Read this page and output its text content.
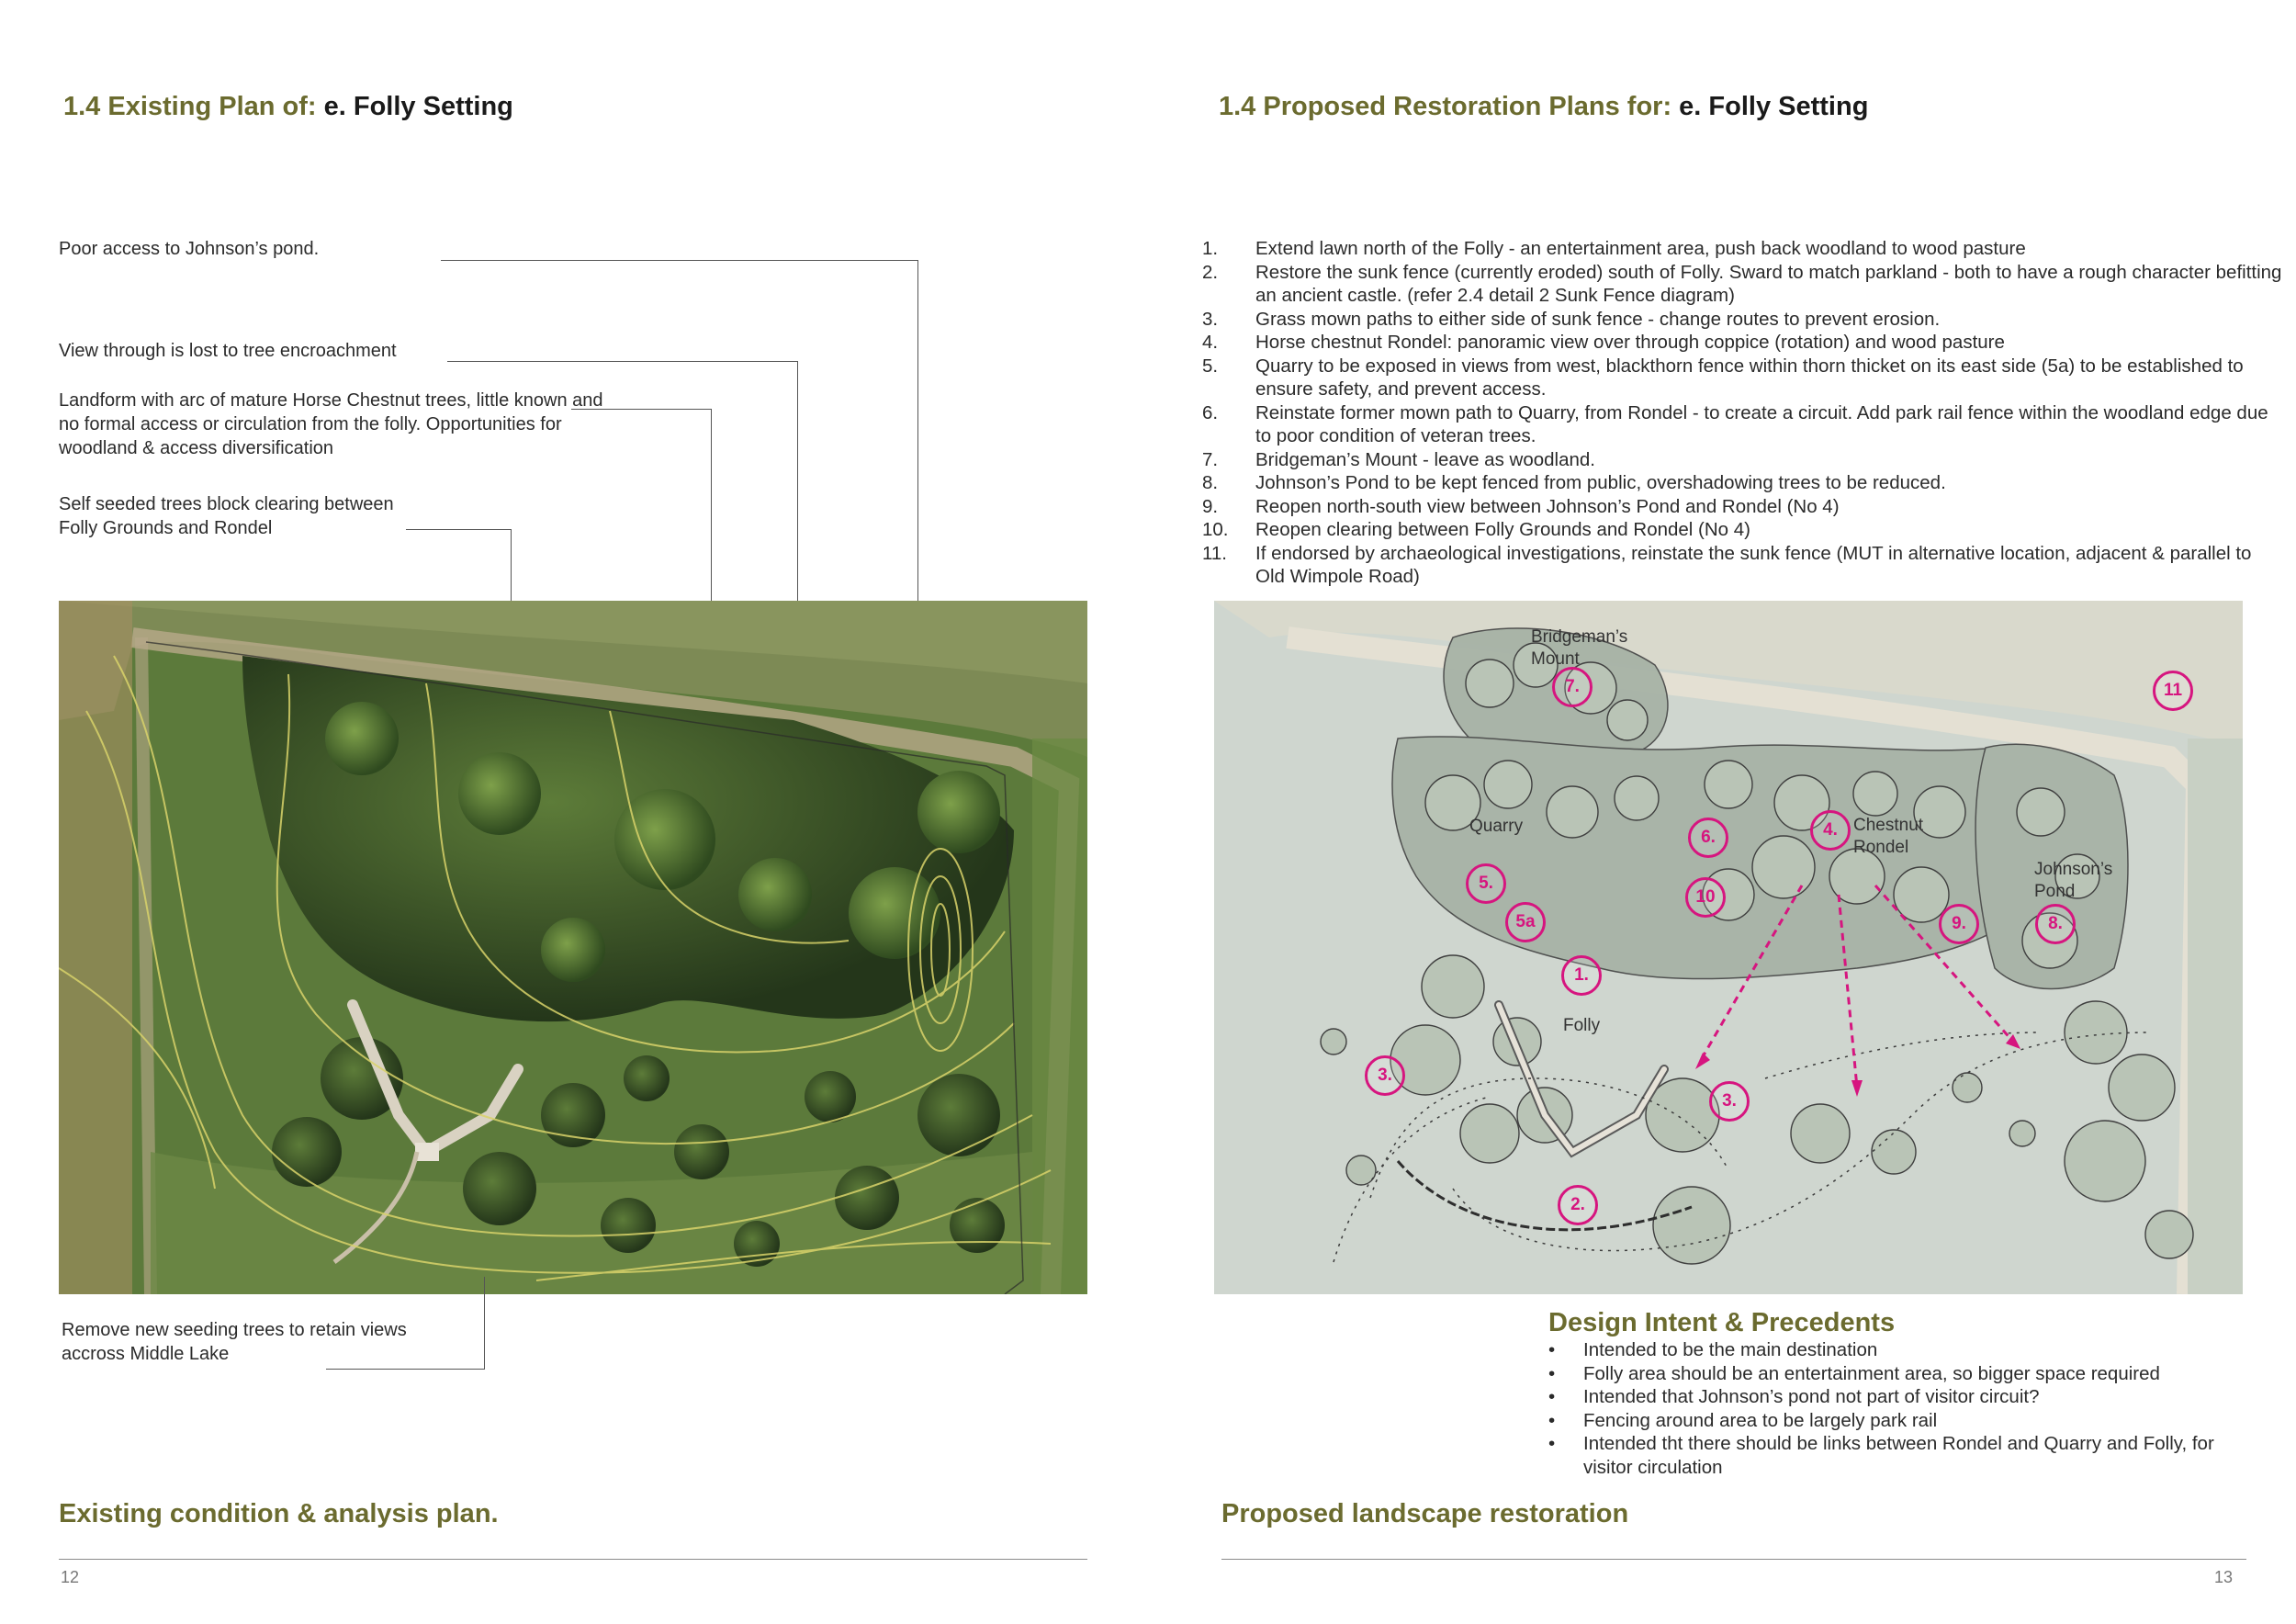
1.4 Existing Plan of: e. Folly Setting
Poor access to Johnson’s pond.
View through is lost to tree encroachment
Landform with arc of mature Horse Chestnut trees, little known and no formal access or circulation from the folly. Opportunities for woodland & access diversification
Self seeded trees block clearing between Folly Grounds and Rondel
Remove new seeding trees to retain views accross Middle Lake
Existing condition & analysis plan.
12
1.4 Proposed Restoration Plans for: e. Folly Setting
1. Extend lawn north of the Folly - an entertainment area, push back woodland to wood pasture
2. Restore the sunk fence (currently eroded) south of Folly. Sward to match parkland - both to have a rough character befitting an ancient castle. (refer 2.4 detail 2 Sunk Fence diagram)
3. Grass mown paths to either side of sunk fence - change routes to prevent erosion.
4. Horse chestnut Rondel: panoramic view over through coppice (rotation) and wood pasture
5. Quarry to be exposed in views from west, blackthorn fence within thorn thicket on its east side (5a) to be established to ensure safety, and prevent access.
6. Reinstate former mown path to Quarry, from Rondel - to create a circuit. Add park rail fence within the woodland edge due to poor condition of veteran trees.
7. Bridgeman’s Mount - leave as woodland.
8. Johnson’s Pond to be kept fenced from public, overshadowing trees to be reduced.
9. Reopen north-south view between Johnson’s Pond and Rondel (No 4)
10. Reopen clearing between Folly Grounds and Rondel (No 4)
11. If endorsed by archaeological investigations, reinstate the sunk fence (MUT in alternative location, adjacent & parallel to Old Wimpole Road)
Bridgeman’s Mount
Quarry	Chestnut Rondel
Johnson’s Pond
Folly
7.
6.	4.
5.
5a
10
9.	8.
1.
3.
3.
2.
11
Design Intent & Precedents
• Intended to be the main destination
• Folly area should be an entertainment area, so bigger space required
• Intended that Johnson’s pond not part of visitor circuit?
• Fencing around area to be largely park rail
• Intended tht there should be links between Rondel and Quarry and Folly, for visitor circulation
Proposed landscape restoration
13
